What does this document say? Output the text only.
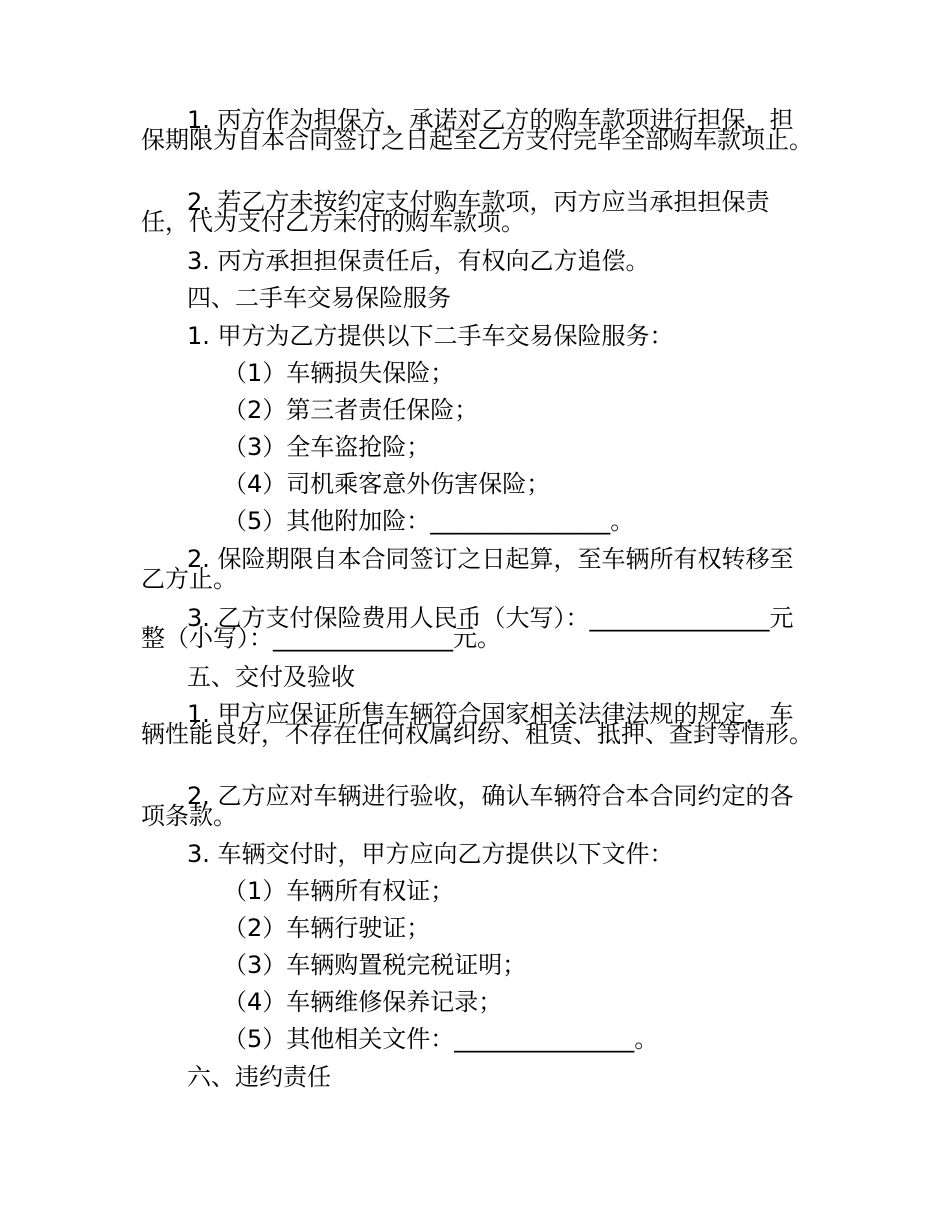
1. 丙方作为担保方，承诺对乙方的购车款项进行担保，担保期限为自本合同签订之日起至乙方支付完毕全部购车款项止。

2. 若乙方未按约定支付购车款项，丙方应当承担担保责任，代为支付乙方未付的购车款项。

3. 丙方承担担保责任后，有权向乙方追偿。

四、二手车交易保险服务

1. 甲方为乙方提供以下二手车交易保险服务：

（1）车辆损失保险；

（2）第三者责任保险；

（3）全车盗抢险；

（4）司机乘客意外伤害保险；

（5）其他附加险：_______________。

2. 保险期限自本合同签订之日起算，至车辆所有权转移至乙方止。

3. 乙方支付保险费用人民币（大写）：_______________元整（小写）：_______________元。

五、交付及验收

1. 甲方应保证所售车辆符合国家相关法律法规的规定，车辆性能良好，不存在任何权属纠纷、租赁、抵押、查封等情形。

2. 乙方应对车辆进行验收，确认车辆符合本合同约定的各项条款。

3. 车辆交付时，甲方应向乙方提供以下文件：

（1）车辆所有权证；

（2）车辆行驶证；

（3）车辆购置税完税证明；

（4）车辆维修保养记录；

（5）其他相关文件：_______________。

六、违约责任
